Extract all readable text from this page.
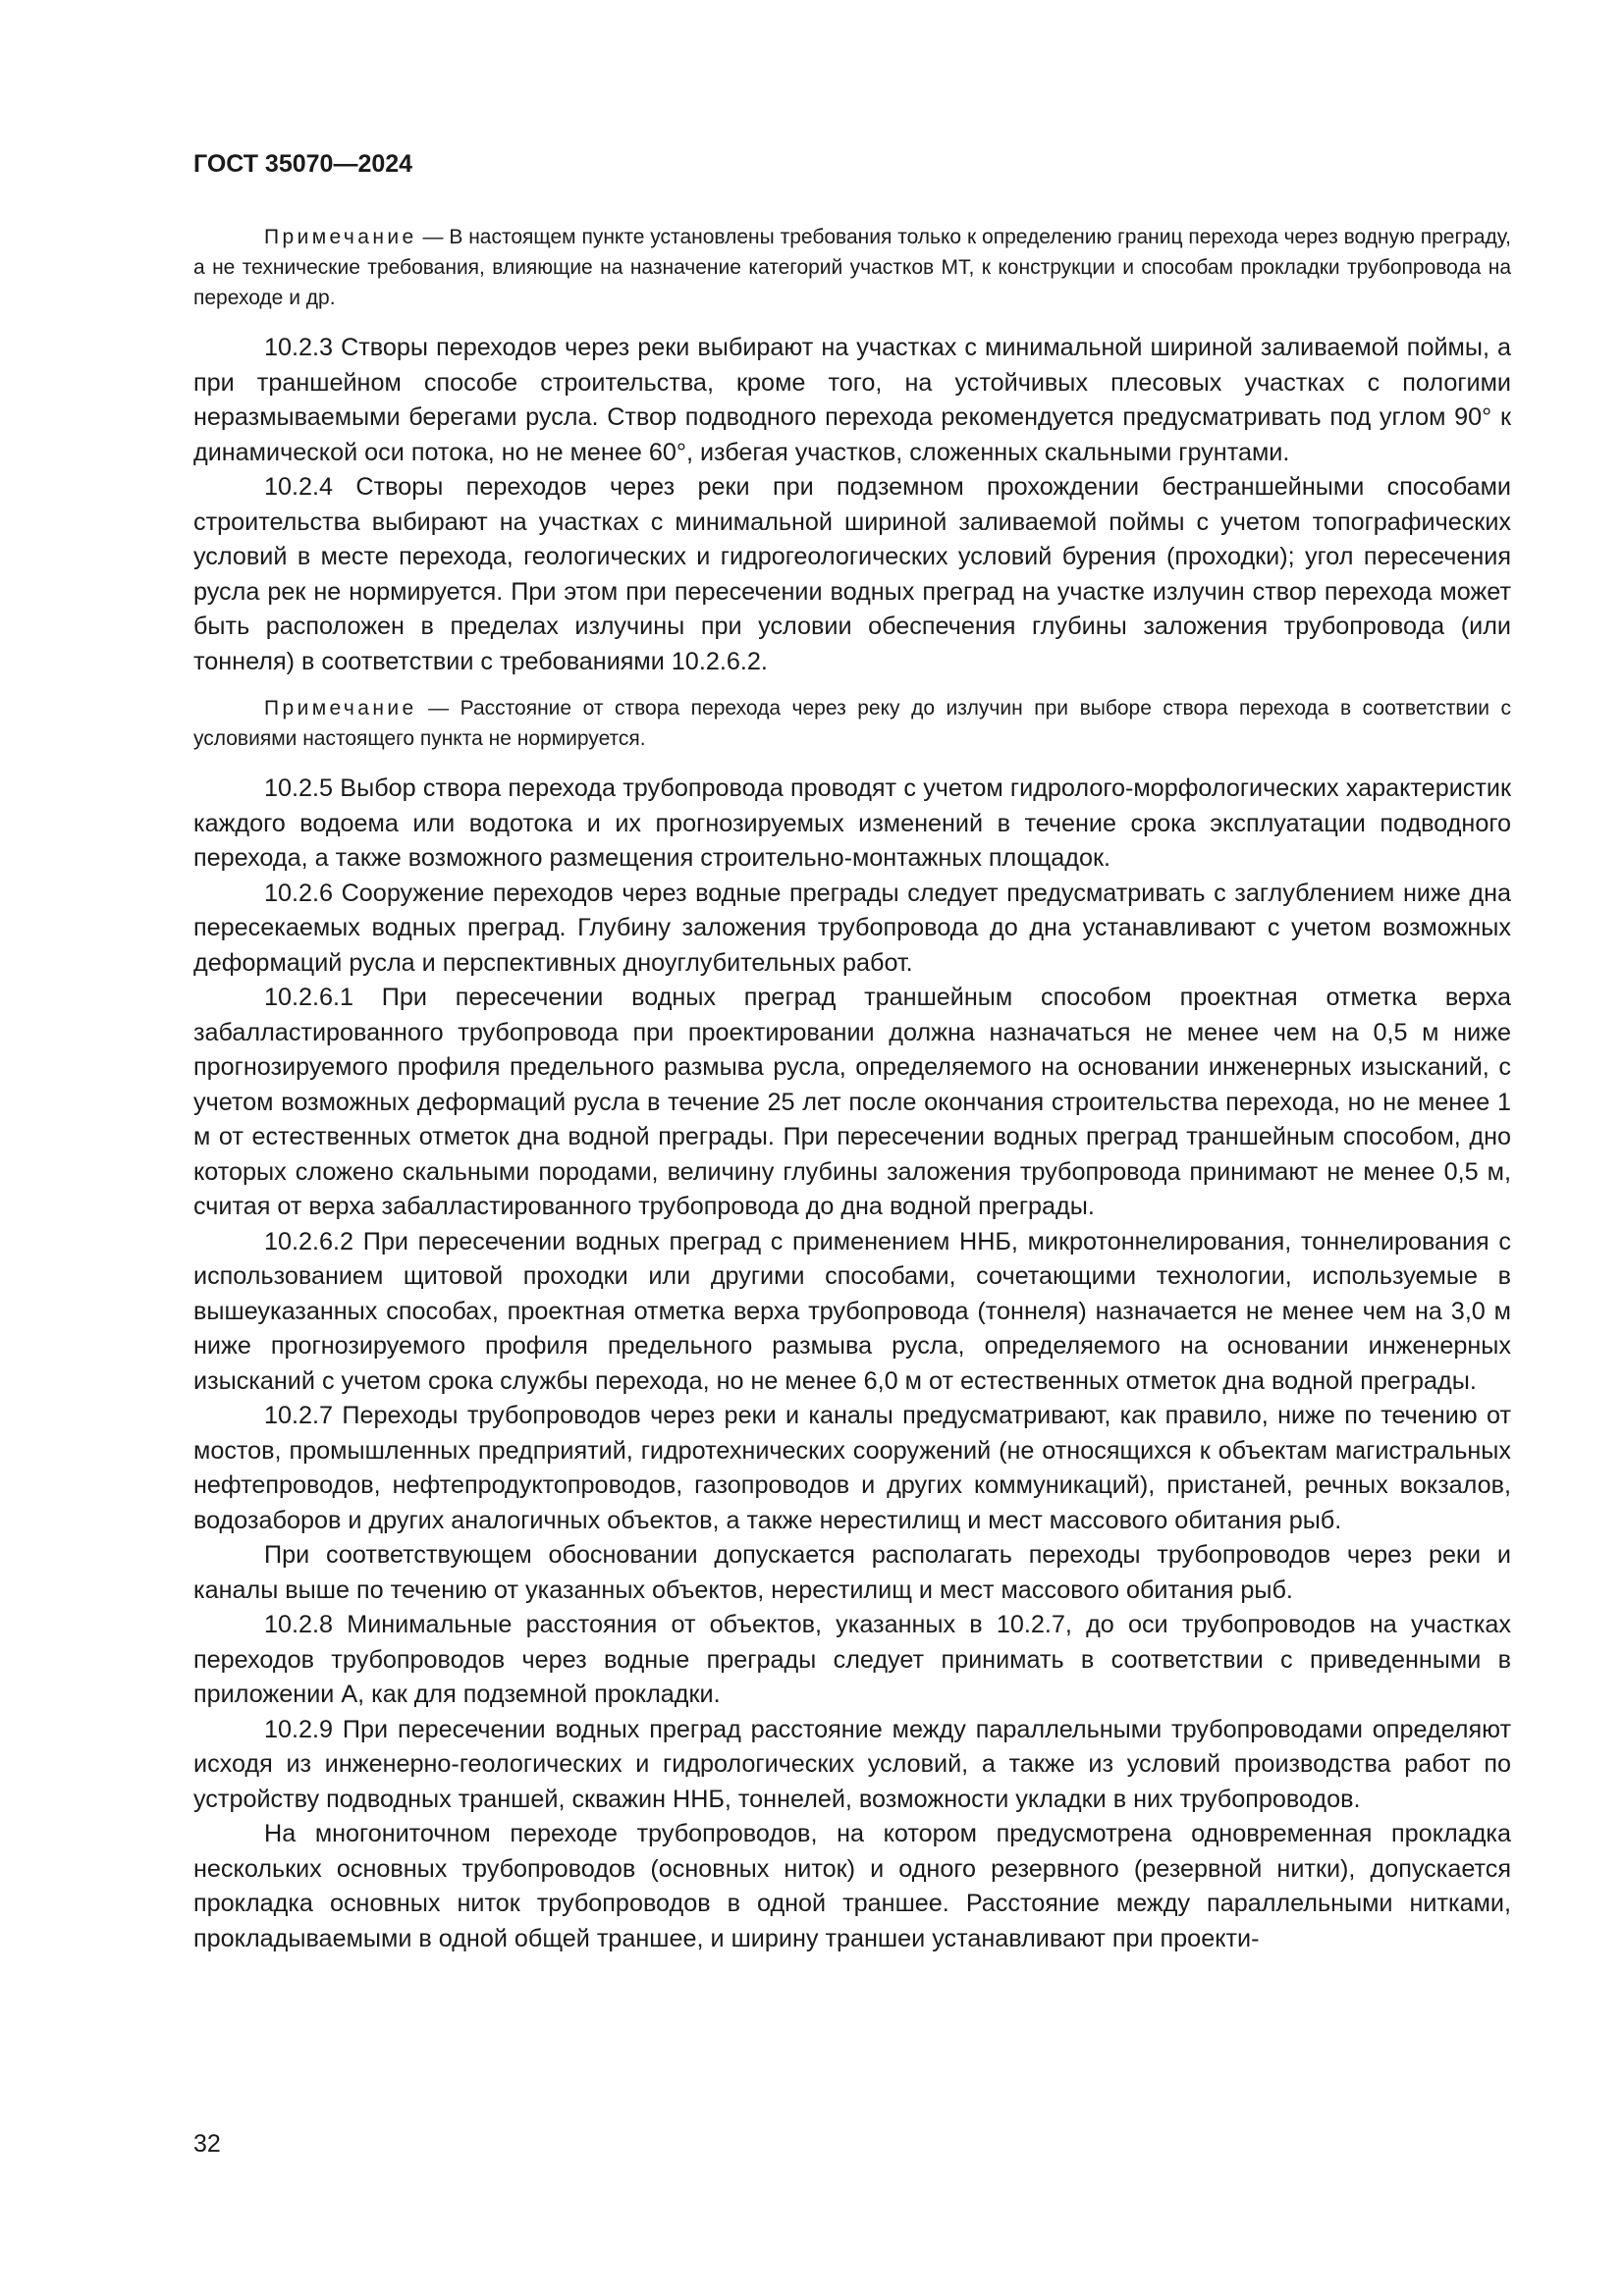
ГОСТ 35070—2024
Примечание — В настоящем пункте установлены требования только к определению границ перехода через водную преграду, а не технические требования, влияющие на назначение категорий участков МТ, к конструкции и способам прокладки трубопровода на переходе и др.
10.2.3 Створы переходов через реки выбирают на участках с минимальной шириной заливаемой поймы, а при траншейном способе строительства, кроме того, на устойчивых плесовых участках с пологими неразмываемыми берегами русла. Створ подводного перехода рекомендуется предусматривать под углом 90° к динамической оси потока, но не менее 60°, избегая участков, сложенных скальными грунтами.
10.2.4 Створы переходов через реки при подземном прохождении бестраншейными способами строительства выбирают на участках с минимальной шириной заливаемой поймы с учетом топографических условий в месте перехода, геологических и гидрогеологических условий бурения (проходки); угол пересечения русла рек не нормируется. При этом при пересечении водных преград на участке излучин створ перехода может быть расположен в пределах излучины при условии обеспечения глубины заложения трубопровода (или тоннеля) в соответствии с требованиями 10.2.6.2.
Примечание — Расстояние от створа перехода через реку до излучин при выборе створа перехода в соответствии с условиями настоящего пункта не нормируется.
10.2.5 Выбор створа перехода трубопровода проводят с учетом гидролого-морфологических характеристик каждого водоема или водотока и их прогнозируемых изменений в течение срока эксплуатации подводного перехода, а также возможного размещения строительно-монтажных площадок.
10.2.6 Сооружение переходов через водные преграды следует предусматривать с заглублением ниже дна пересекаемых водных преград. Глубину заложения трубопровода до дна устанавливают с учетом возможных деформаций русла и перспективных дноуглубительных работ.
10.2.6.1 При пересечении водных преград траншейным способом проектная отметка верха забалластированного трубопровода при проектировании должна назначаться не менее чем на 0,5 м ниже прогнозируемого профиля предельного размыва русла, определяемого на основании инженерных изысканий, с учетом возможных деформаций русла в течение 25 лет после окончания строительства перехода, но не менее 1 м от естественных отметок дна водной преграды. При пересечении водных преград траншейным способом, дно которых сложено скальными породами, величину глубины заложения трубопровода принимают не менее 0,5 м, считая от верха забалластированного трубопровода до дна водной преграды.
10.2.6.2 При пересечении водных преград с применением ННБ, микротоннелирования, тоннелирования с использованием щитовой проходки или другими способами, сочетающими технологии, используемые в вышеуказанных способах, проектная отметка верха трубопровода (тоннеля) назначается не менее чем на 3,0 м ниже прогнозируемого профиля предельного размыва русла, определяемого на основании инженерных изысканий с учетом срока службы перехода, но не менее 6,0 м от естественных отметок дна водной преграды.
10.2.7 Переходы трубопроводов через реки и каналы предусматривают, как правило, ниже по течению от мостов, промышленных предприятий, гидротехнических сооружений (не относящихся к объектам магистральных нефтепроводов, нефтепродуктопроводов, газопроводов и других коммуникаций), пристаней, речных вокзалов, водозаборов и других аналогичных объектов, а также нерестилищ и мест массового обитания рыб.
При соответствующем обосновании допускается располагать переходы трубопроводов через реки и каналы выше по течению от указанных объектов, нерестилищ и мест массового обитания рыб.
10.2.8 Минимальные расстояния от объектов, указанных в 10.2.7, до оси трубопроводов на участках переходов трубопроводов через водные преграды следует принимать в соответствии с приведенными в приложении А, как для подземной прокладки.
10.2.9 При пересечении водных преград расстояние между параллельными трубопроводами определяют исходя из инженерно-геологических и гидрологических условий, а также из условий производства работ по устройству подводных траншей, скважин ННБ, тоннелей, возможности укладки в них трубопроводов.
На многониточном переходе трубопроводов, на котором предусмотрена одновременная прокладка нескольких основных трубопроводов (основных ниток) и одного резервного (резервной нитки), допускается прокладка основных ниток трубопроводов в одной траншее. Расстояние между параллельными нитками, прокладываемыми в одной общей траншее, и ширину траншеи устанавливают при проекти-
32
